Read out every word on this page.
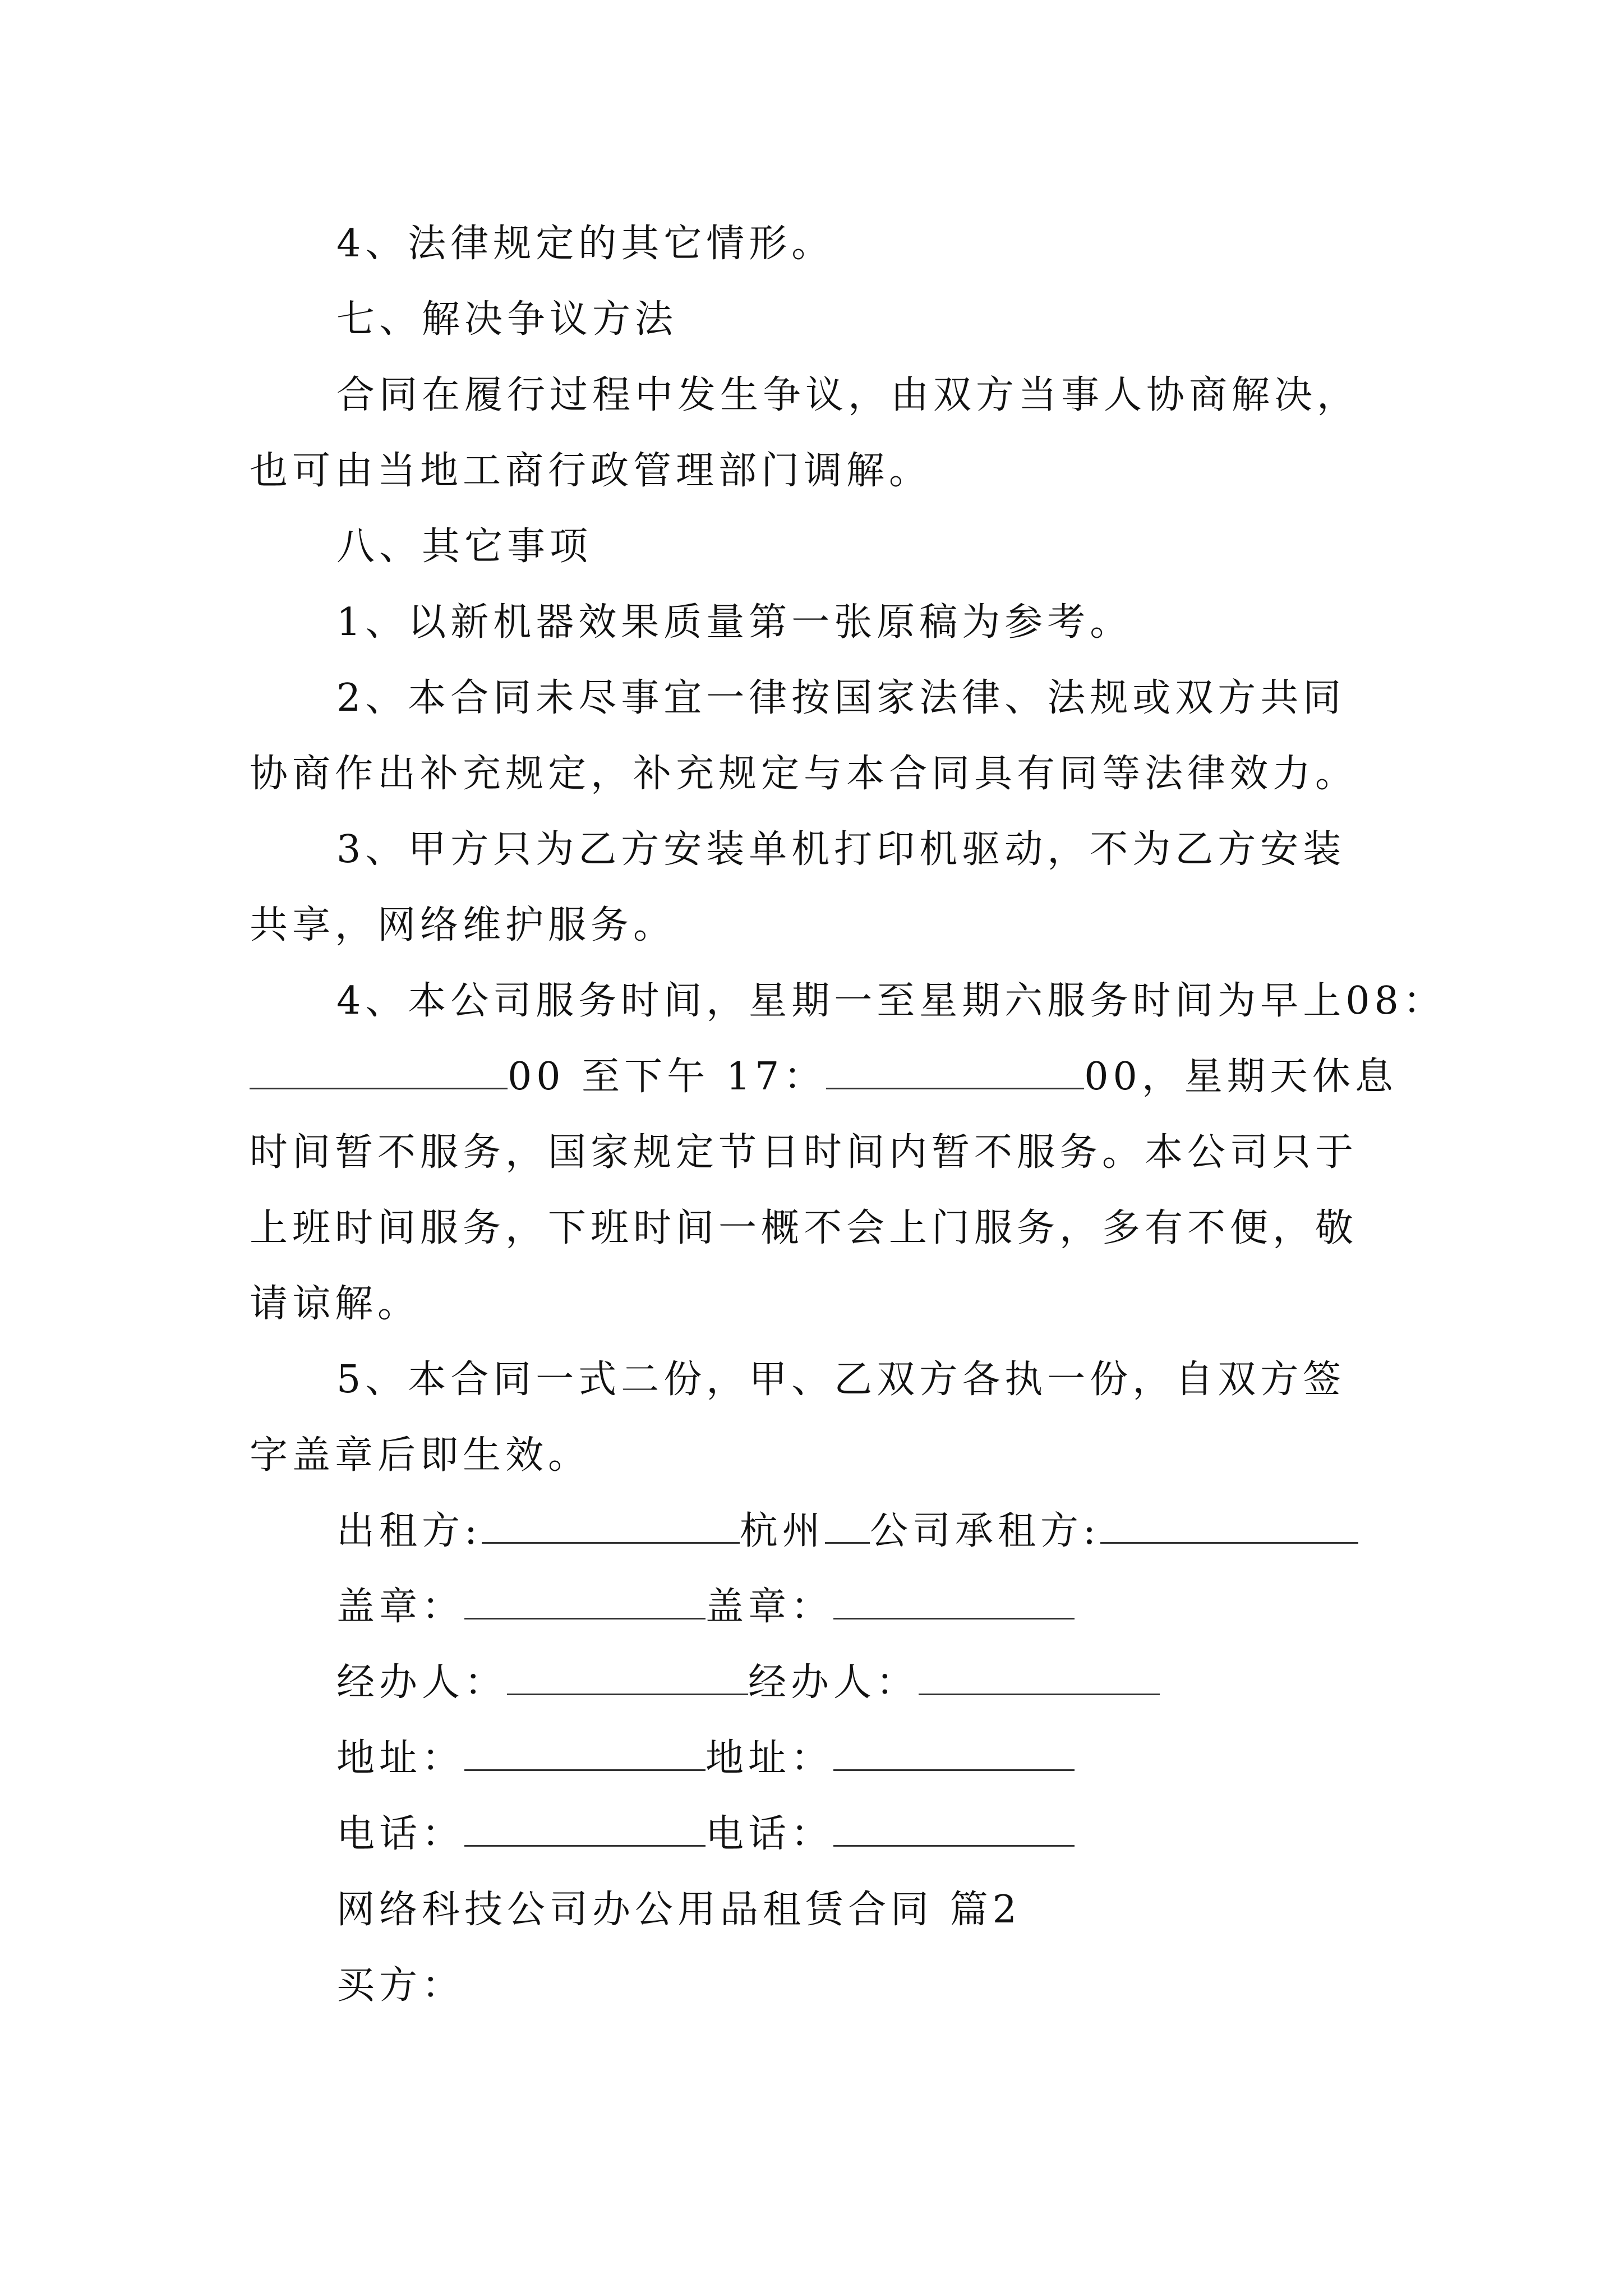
4、法律规定的其它情形。
七、解决争议方法
合同在履行过程中发生争议，由双方当事人协商解决，
也可由当地工商行政管理部门调解。
八、其它事项
1、以新机器效果质量第一张原稿为参考。
2、本合同未尽事宜一律按国家法律、法规或双方共同
协商作出补充规定，补充规定与本合同具有同等法律效力。
3、甲方只为乙方安装单机打印机驱动，不为乙方安装
共享，网络维护服务。
4、本公司服务时间，星期一至星期六服务时间为早上08：
00 至下午 17：	00，星期天休息
时间暂不服务，国家规定节日时间内暂不服务。本公司只于
上班时间服务，下班时间一概不会上门服务，多有不便，敬
请谅解。
5、本合同一式二份，甲、乙双方各执一份，自双方签
字盖章后即生效。
出租方:	杭州 公司承租方:
盖章：	盖章：
经办人：	经办人：
地址：	地址：
电话：	电话：
网络科技公司办公用品租赁合同 篇2
买方：
